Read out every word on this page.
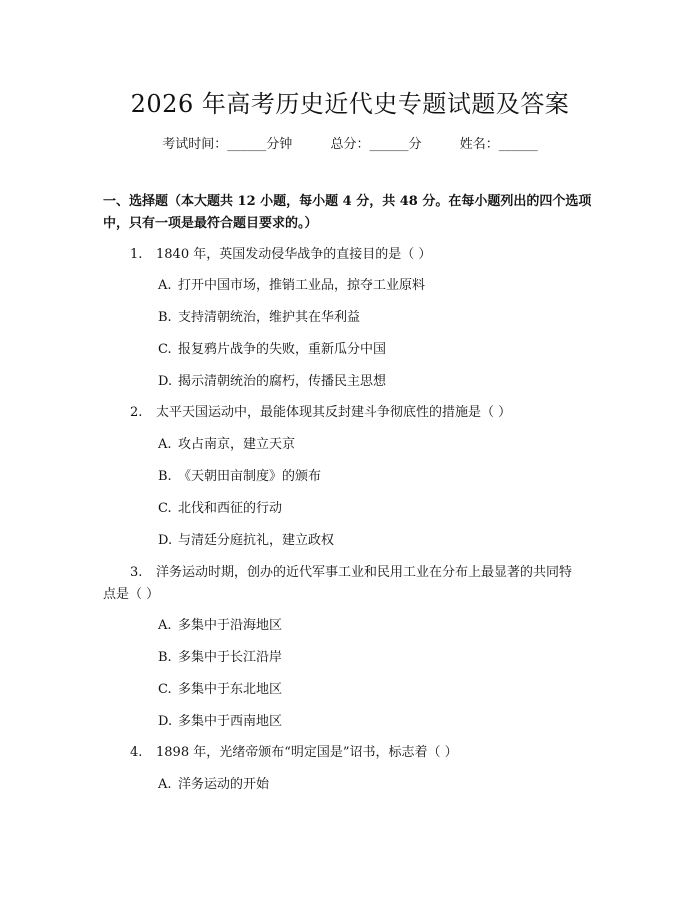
2026 年高考历史近代史专题试题及答案
考试时间：______分钟	总分：______分	姓名：______
一、选择题（本大题共 12 小题，每小题 4 分，共 48 分。在每小题列出的四个选项中，只有一项是最符合题目要求的。）
1. 1840 年，英国发动侵华战争的直接目的是（ ）
A. 打开中国市场，推销工业品，掠夺工业原料
B. 支持清朝统治，维护其在华利益
C. 报复鸦片战争的失败，重新瓜分中国
D. 揭示清朝统治的腐朽，传播民主思想
2. 太平天国运动中，最能体现其反封建斗争彻底性的措施是（ ）
A. 攻占南京，建立天京
B. 《天朝田亩制度》的颁布
C. 北伐和西征的行动
D. 与清廷分庭抗礼，建立政权
3. 洋务运动时期，创办的近代军事工业和民用工业在分布上最显著的共同特
点是（ ）
A. 多集中于沿海地区
B. 多集中于长江沿岸
C. 多集中于东北地区
D. 多集中于西南地区
4. 1898 年，光绪帝颁布“明定国是”诏书，标志着（ ）
A. 洋务运动的开始
